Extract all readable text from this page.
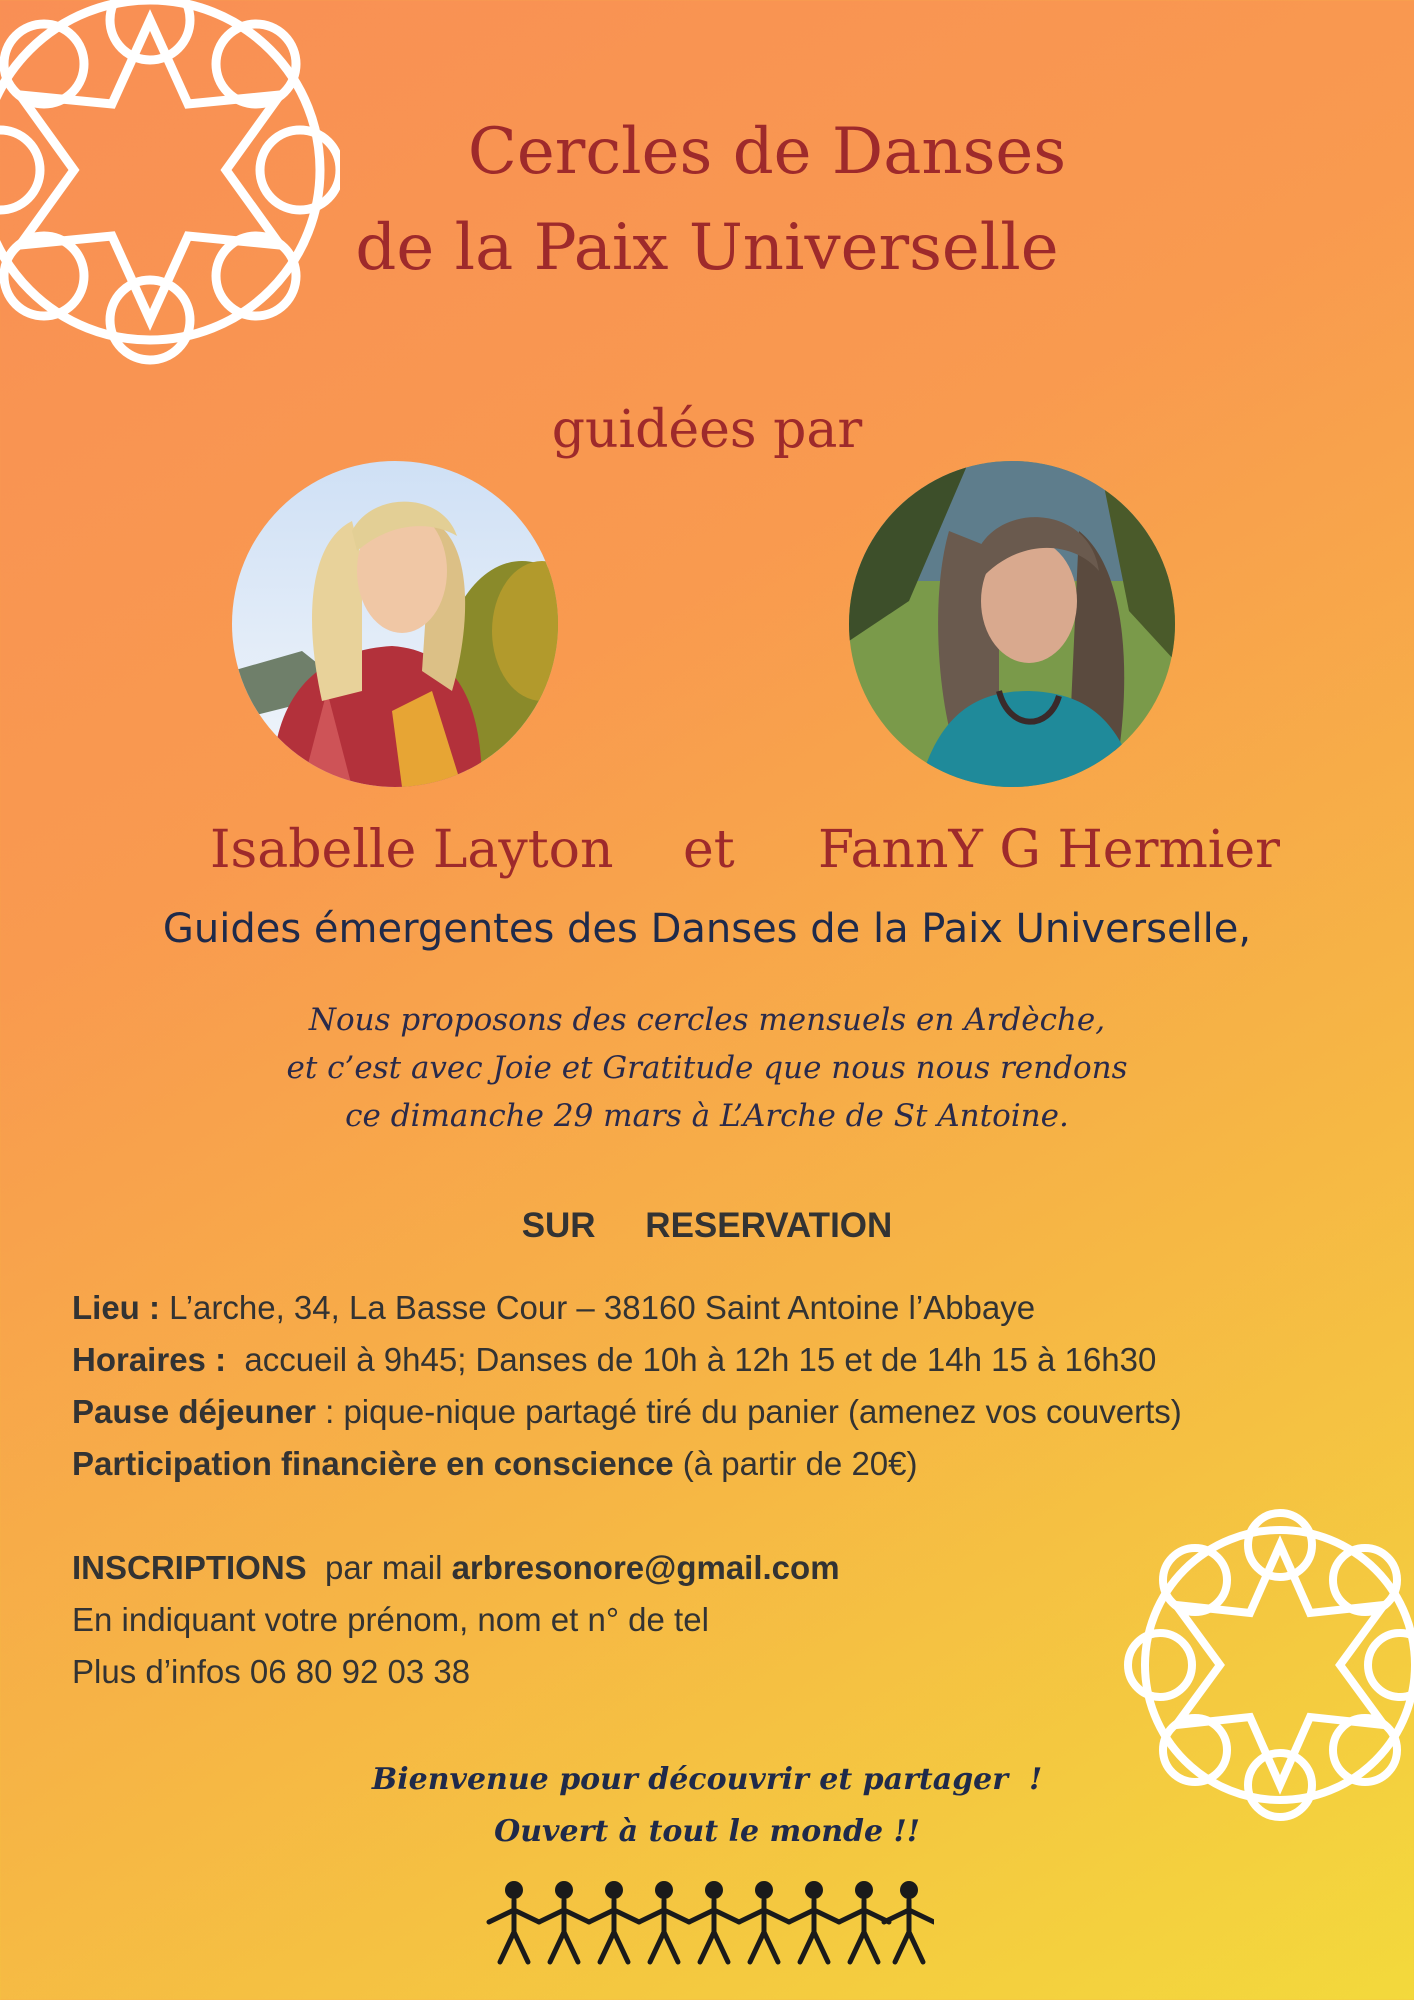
Cercles de Danses
de la Paix Universelle
guidées par
Isabelle Layton et FannY G Hermier
Guides émergentes des Danses de la Paix Universelle,
Nous proposons des cercles mensuels en Ardèche,
et c’est avec Joie et Gratitude que nous nous rendons
ce dimanche 29 mars à L’Arche de St Antoine.
SUR RESERVATION
Lieu : L’arche, 34, La Basse Cour – 38160 Saint Antoine l’Abbaye
Horaires :  accueil à 9h45; Danses de 10h à 12h 15 et de 14h 15 à 16h30
Pause déjeuner : pique-nique partagé tiré du panier (amenez vos couverts)
Participation financière en conscience (à partir de 20€)
INSCRIPTIONS  par mail arbresonore@gmail.com
En indiquant votre prénom, nom et n° de tel
Plus d’infos 06 80 92 03 38
Bienvenue pour découvrir et partager  !
Ouvert à tout le monde !!
